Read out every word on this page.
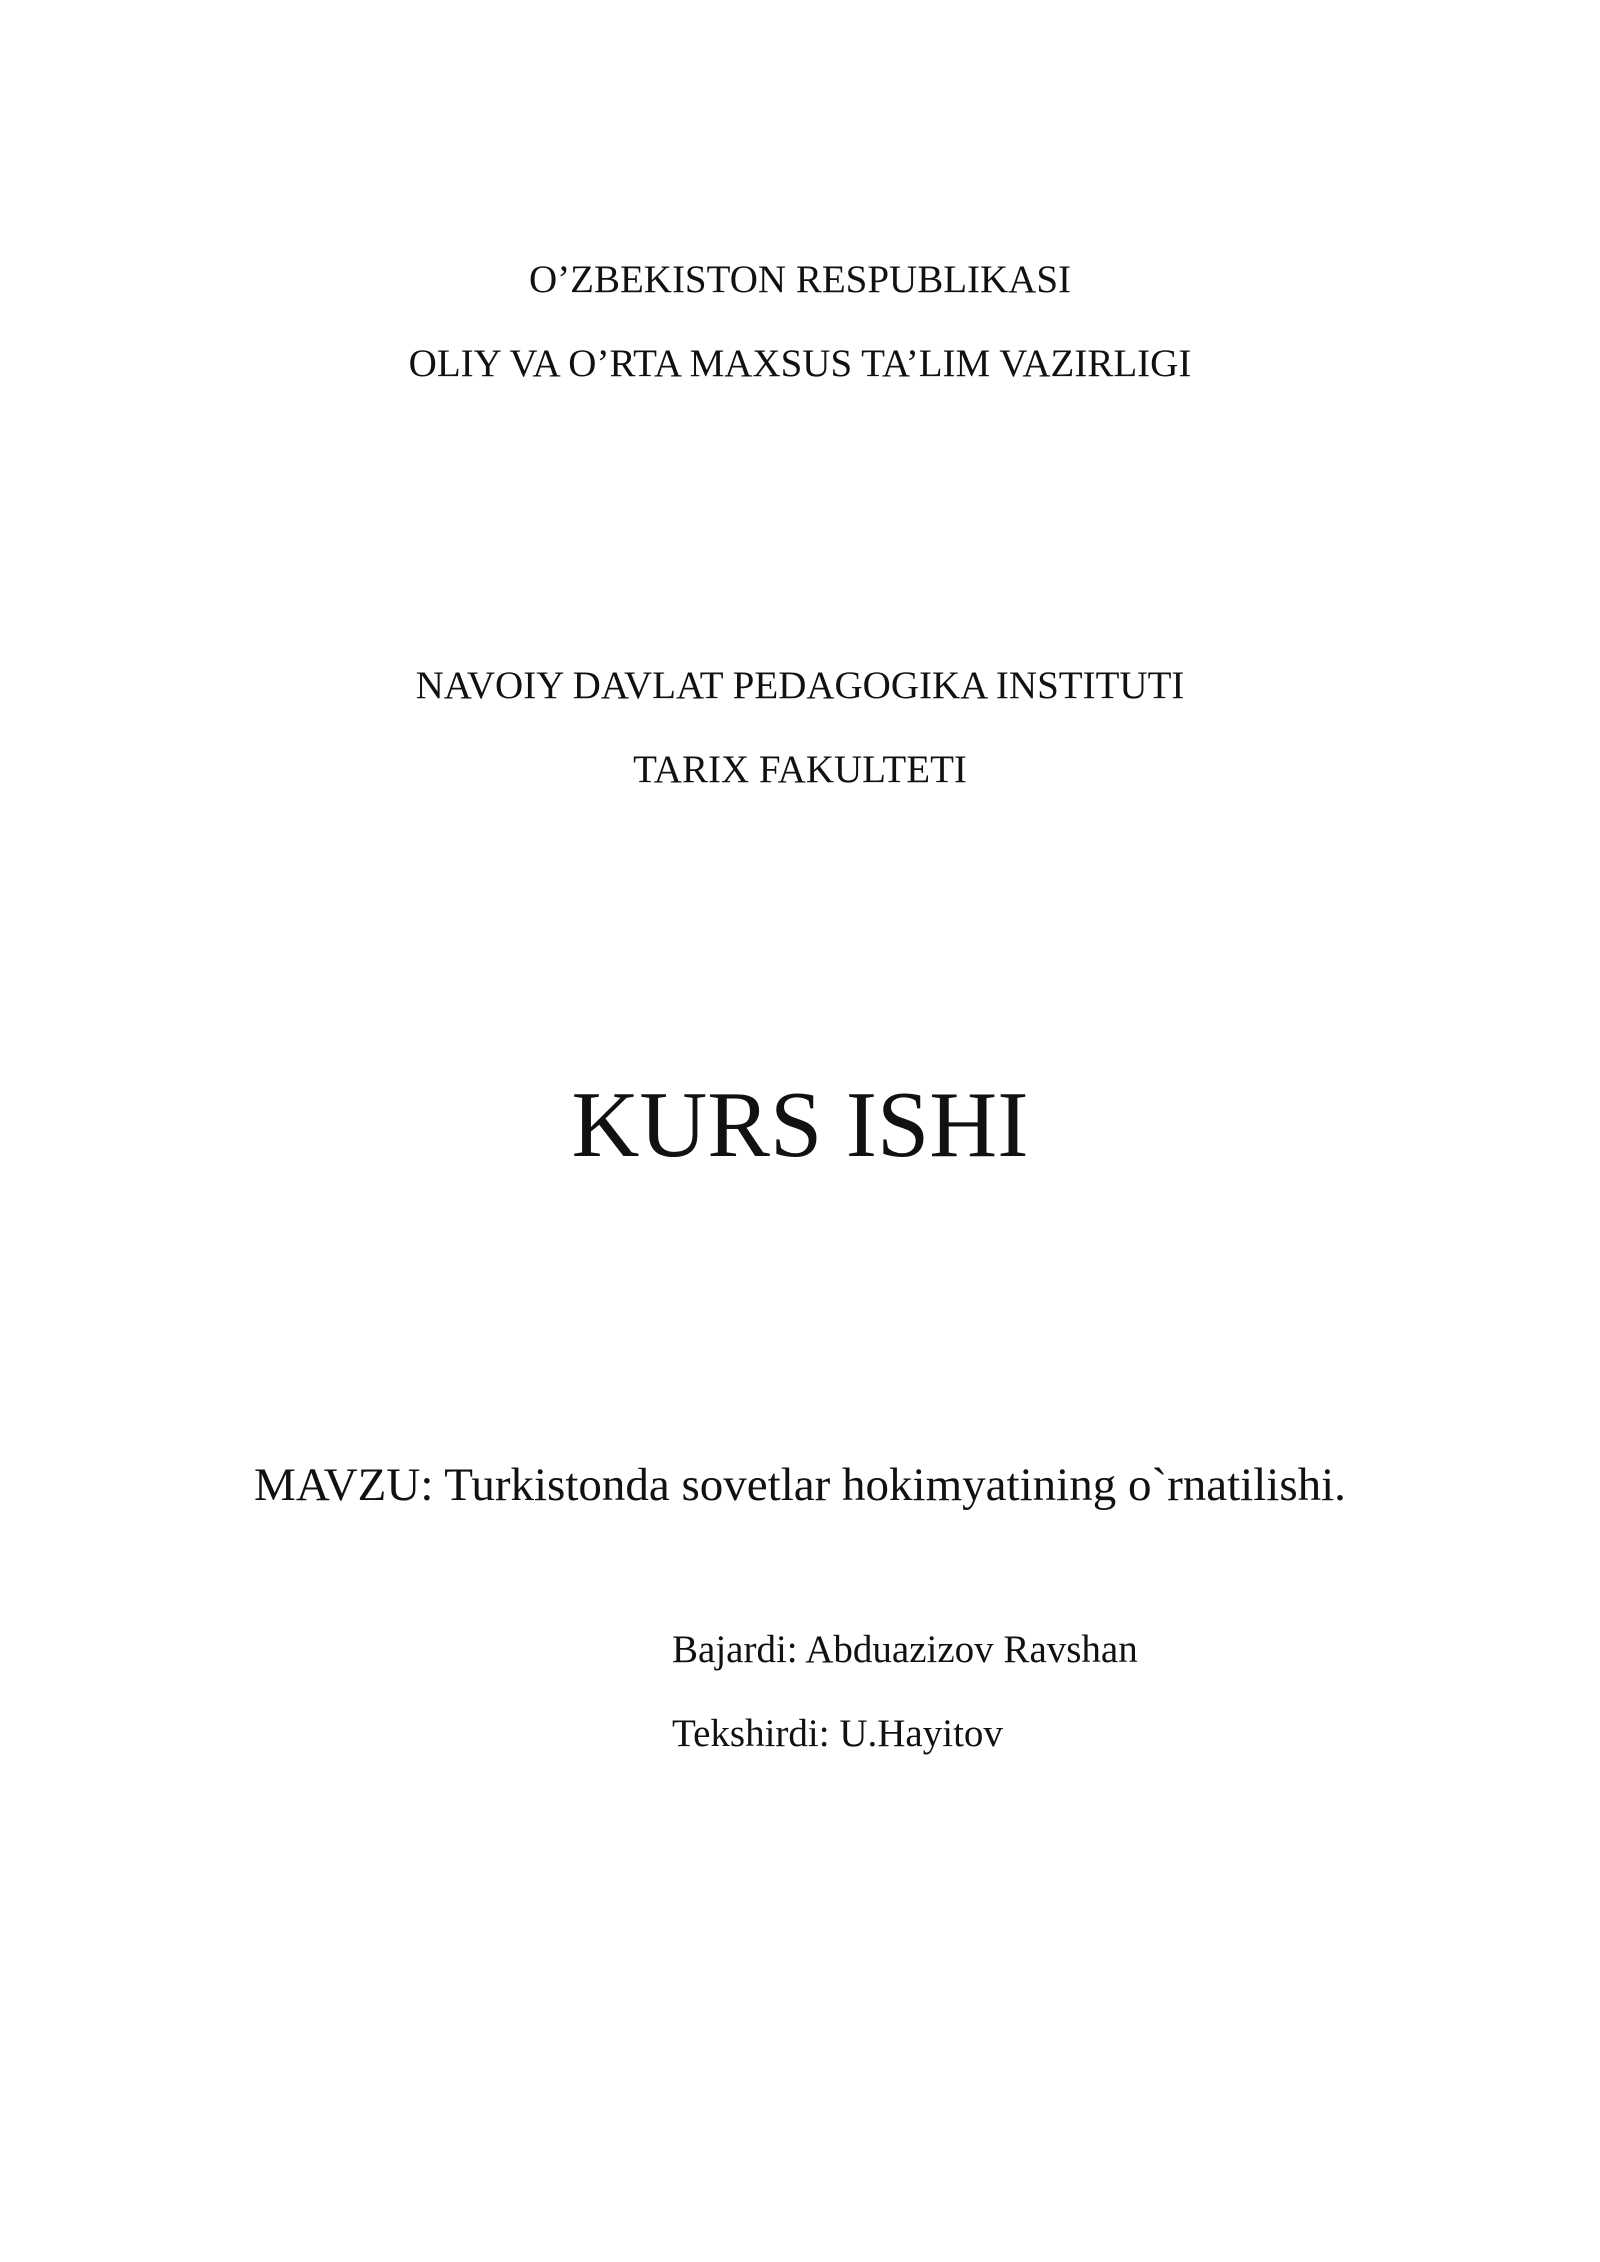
O’ZBEKISTON RESPUBLIKASI
OLIY VA O’RTA MAXSUS TA’LIM VAZIRLIGI
NAVOIY DAVLAT PEDAGOGIKA INSTITUTI
TARIX FAKULTETI
KURS ISHI
MAVZU: Turkistonda sovetlar hokimyatining o`rnatilishi.
Bajardi: Abduazizov Ravshan
Tekshirdi: U.Hayitov
